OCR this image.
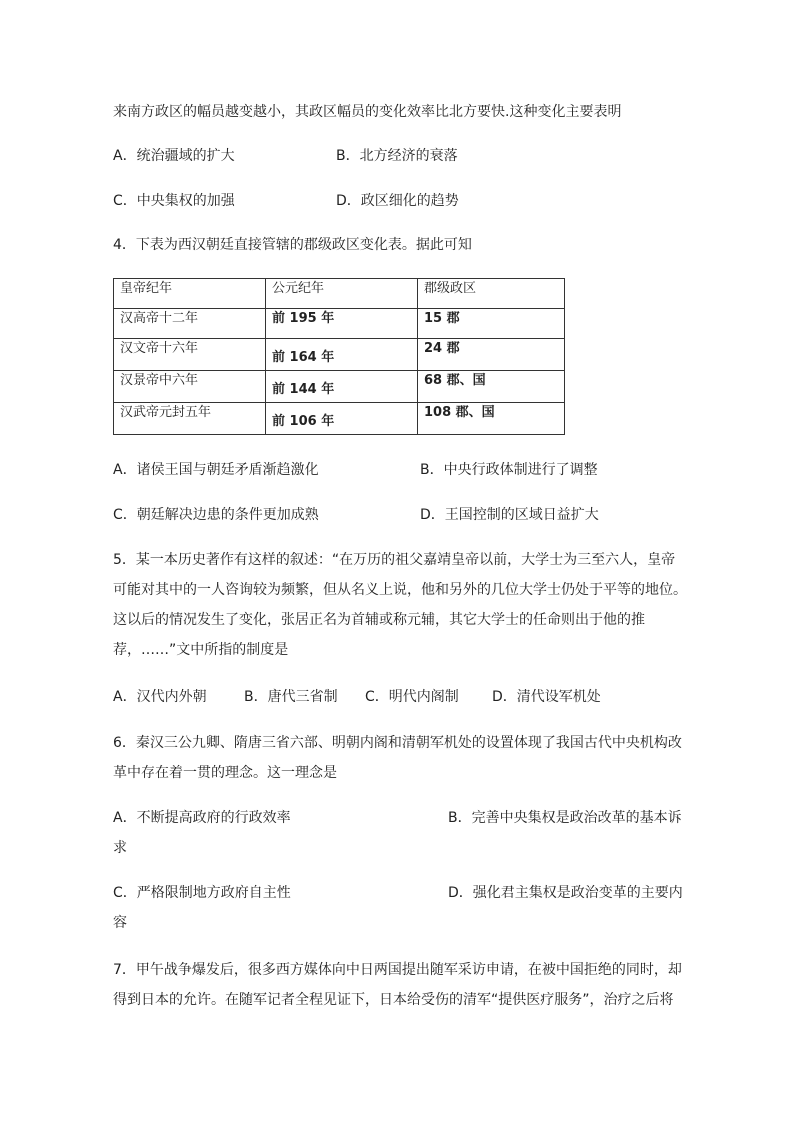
来南方政区的幅员越变越小，其政区幅员的变化效率比北方要快.这种变化主要表明
A．统治疆域的扩大	B．北方经济的衰落
C．中央集权的加强	D．政区细化的趋势
4．下表为西汉朝廷直接管辖的郡级政区变化表。据此可知
皇帝纪年	公元纪年	郡级政区
汉高帝十二年	前 195 年	15 郡
汉文帝十六年	前 164 年	24 郡
汉景帝中六年	前 144 年	68 郡、国
汉武帝元封五年	前 106 年	108 郡、国
A．诸侯王国与朝廷矛盾渐趋激化	B．中央行政体制进行了调整
C．朝廷解决边患的条件更加成熟	D．王国控制的区域日益扩大
5．某一本历史著作有这样的叙述：“在万历的祖父嘉靖皇帝以前，大学士为三至六人，皇帝
可能对其中的一人咨询较为频繁，但从名义上说，他和另外的几位大学士仍处于平等的地位。
这以后的情况发生了变化，张居正名为首辅或称元辅，其它大学士的任命则出于他的推
荐，……”文中所指的制度是
A．汉代内外朝	B．唐代三省制 C．明代内阁制 D．清代设军机处
6．秦汉三公九卿、隋唐三省六部、明朝内阁和清朝军机处的设置体现了我国古代中央机构改
革中存在着一贯的理念。这一理念是
A．不断提高政府的行政效率	B．完善中央集权是政治改革的基本诉
求
C．严格限制地方政府自主性	D．强化君主集权是政治变革的主要内
容
7．甲午战争爆发后，很多西方媒体向中日两国提出随军采访申请，在被中国拒绝的同时，却
得到日本的允许。在随军记者全程见证下，日本给受伤的清军“提供医疗服务”，治疗之后将
